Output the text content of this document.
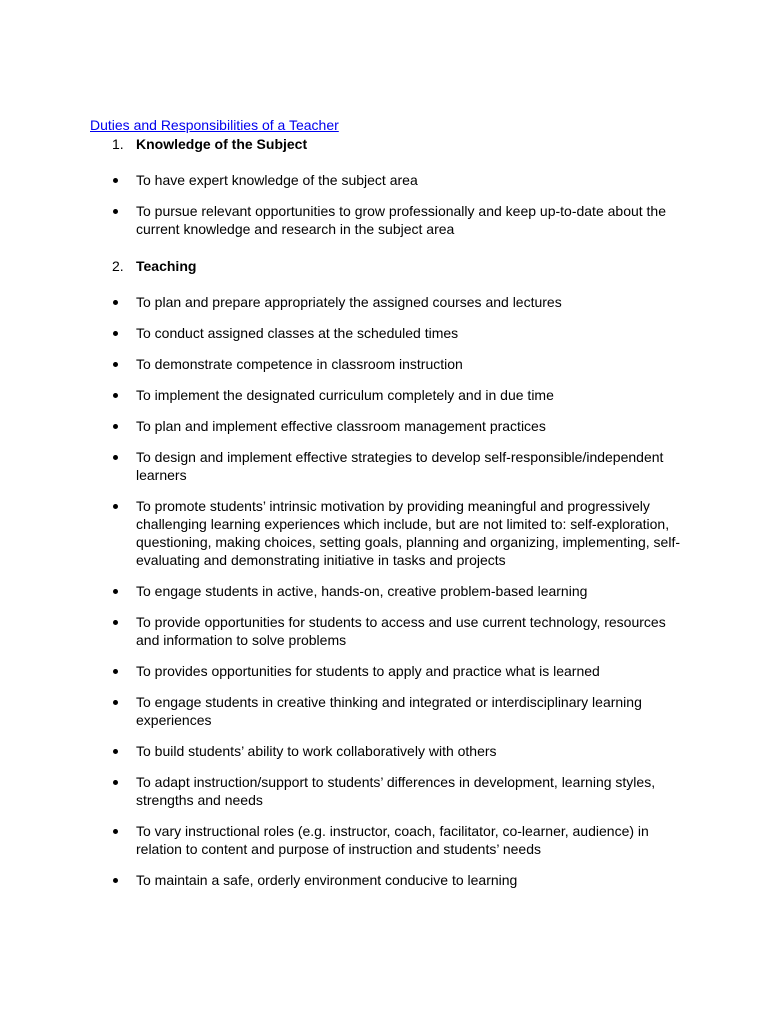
Duties and Responsibilities of a Teacher
1. Knowledge of the Subject
To have expert knowledge of the subject area
To pursue relevant opportunities to grow professionally and keep up-to-date about the current knowledge and research in the subject area
2. Teaching
To plan and prepare appropriately the assigned courses and lectures
To conduct assigned classes at the scheduled times
To demonstrate competence in classroom instruction
To implement the designated curriculum completely and in due time
To plan and implement effective classroom management practices
To design and implement effective strategies to develop self-responsible/independent learners
To promote students’ intrinsic motivation by providing meaningful and progressively challenging learning experiences which include, but are not limited to: self-exploration, questioning, making choices, setting goals, planning and organizing, implementing, self-evaluating and demonstrating initiative in tasks and projects
To engage students in active, hands-on, creative problem-based learning
To provide opportunities for students to access and use current technology, resources and information to solve problems
To provides opportunities for students to apply and practice what is learned
To engage students in creative thinking and integrated or interdisciplinary learning experiences
To build students’ ability to work collaboratively with others
To adapt instruction/support to students’ differences in development, learning styles, strengths and needs
To vary instructional roles (e.g. instructor, coach, facilitator, co-learner, audience) in relation to content and purpose of instruction and students’ needs
To maintain a safe, orderly environment conducive to learning
